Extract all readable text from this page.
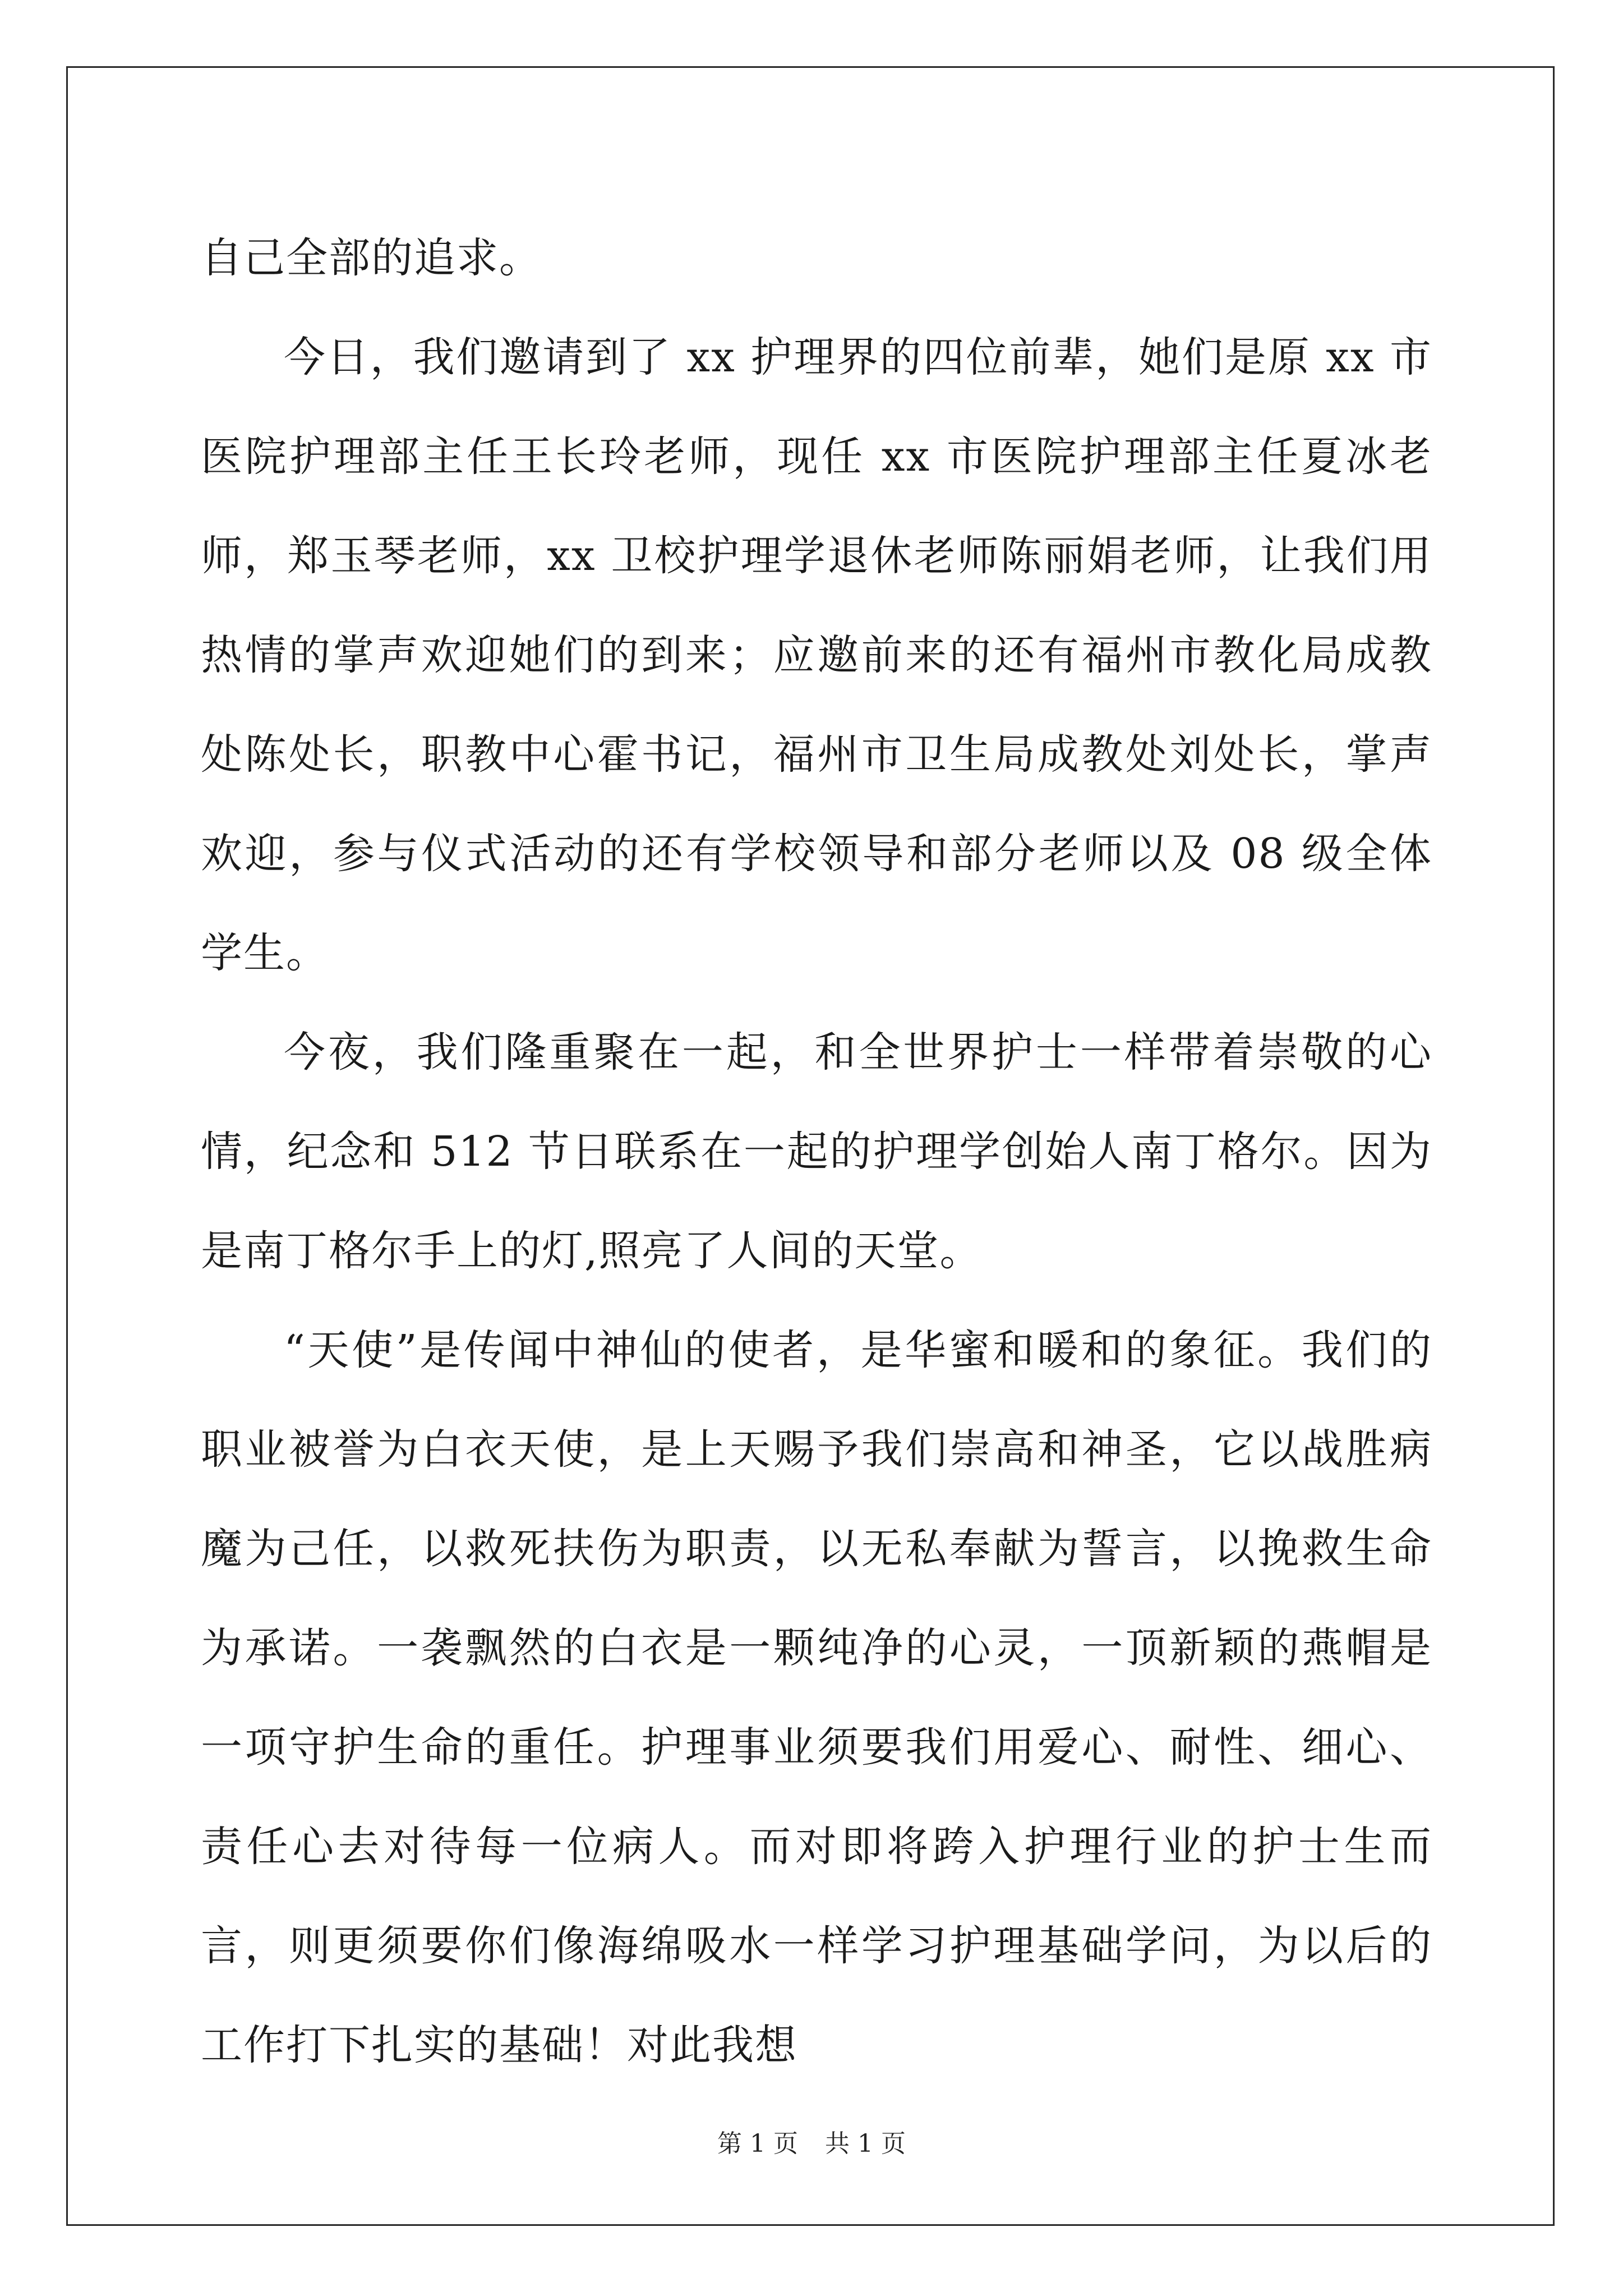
自己全部的追求。

今日，我们邀请到了 xx 护理界的四位前辈，她们是原 xx 市医院护理部主任王长玲老师，现任 xx 市医院护理部主任夏冰老师，郑玉琴老师，xx 卫校护理学退休老师陈丽娟老师，让我们用热情的掌声欢迎她们的到来；应邀前来的还有福州市教化局成教处陈处长，职教中心霍书记，福州市卫生局成教处刘处长，掌声欢迎，参与仪式活动的还有学校领导和部分老师以及 08 级全体学生。

今夜，我们隆重聚在一起，和全世界护士一样带着崇敬的心情，纪念和 512 节日联系在一起的护理学创始人南丁格尔。因为是南丁格尔手上的灯,照亮了人间的天堂。

“天使”是传闻中神仙的使者，是华蜜和暖和的象征。我们的职业被誉为白衣天使，是上天赐予我们崇高和神圣，它以战胜病魔为己任，以救死扶伤为职责，以无私奉献为誓言，以挽救生命为承诺。一袭飘然的白衣是一颗纯净的心灵，一顶新颖的燕帽是一项守护生命的重任。护理事业须要我们用爱心、耐性、细心、责任心去对待每一位病人。而对即将跨入护理行业的护士生而言，则更须要你们像海绵吸水一样学习护理基础学问，为以后的工作打下扎实的基础！对此我想

第 1 页 共 1 页
